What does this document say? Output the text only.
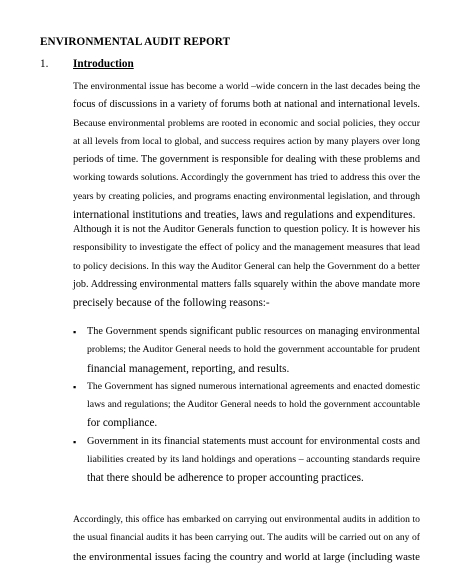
ENVIRONMENTAL AUDIT REPORT
1. Introduction
The environmental issue has become a world –wide concern in the last decades being the
focus of discussions in a variety of forums both at national and international levels.
Because environmental problems are rooted in economic and social policies, they occur
at all levels from local to global, and success requires action by many players over long
periods of time. The government is responsible for dealing with these problems and
working towards solutions. Accordingly the government has tried to address this over the
years by creating policies, and programs enacting environmental legislation, and through
international institutions and treaties, laws and regulations and expenditures.
Although it is not the Auditor Generals function to question policy. It is however his
responsibility to investigate the effect of policy and the management measures that lead
to policy decisions. In this way the Auditor General can help the Government do a better
job. Addressing environmental matters falls squarely within the above mandate more
precisely because of the following reasons:-
▪ The Government spends significant public resources on managing environmental
problems; the Auditor General needs to hold the government accountable for prudent
financial management, reporting, and results.
▪ The Government has signed numerous international agreements and enacted domestic
laws and regulations; the Auditor General needs to hold the government accountable
for compliance.
▪ Government in its financial statements must account for environmental costs and
liabilities created by its land holdings and operations – accounting standards require
that there should be adherence to proper accounting practices.
Accordingly, this office has embarked on carrying out environmental audits in addition to
the usual financial audits it has been carrying out. The audits will be carried out on any of
the environmental issues facing the country and world at large (including waste
